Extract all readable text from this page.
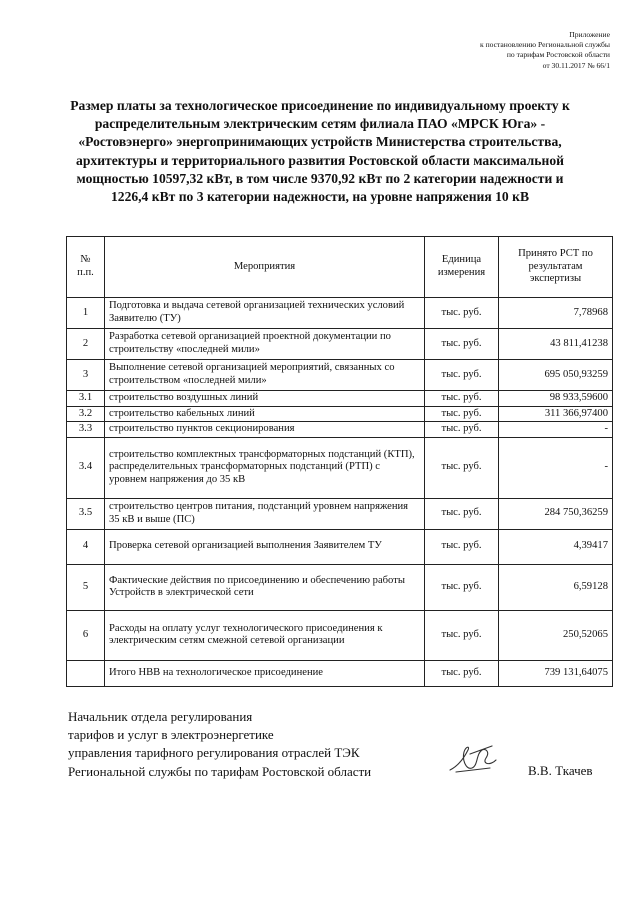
Приложение
к постановлению Региональной службы
по тарифам Ростовской области
от 30.11.2017 № 66/1
Размер платы за технологическое присоединение по индивидуальному проекту к распределительным электрическим сетям филиала ПАО «МРСК Юга» - «Ростовэнерго» энергопринимающих устройств Министерства строительства, архитектуры и территориального развития Ростовской области максимальной мощностью 10597,32 кВт, в том числе 9370,92 кВт по 2 категории надежности и 1226,4 кВт по 3 категории надежности, на уровне напряжения 10 кВ
№ п.п.	Мероприятия	Единица измерения	Принято РСТ по результатам экспертизы
1	Подготовка и выдача сетевой организацией технических условий Заявителю (ТУ)	тыс. руб.	7,78968
2	Разработка сетевой организацией проектной документации по строительству «последней мили»	тыс. руб.	43 811,41238
3	Выполнение сетевой организацией мероприятий, связанных со строительством «последней мили»	тыс. руб.	695 050,93259
3.1	строительство воздушных линий	тыс. руб.	98 933,59600
3.2	строительство кабельных линий	тыс. руб.	311 366,97400
3.3	строительство пунктов секционирования	тыс. руб.	-
3.4	строительство комплектных трансформаторных подстанций (КТП), распределительных трансформаторных подстанций (РТП) с уровнем напряжения до 35 кВ	тыс. руб.	-
3.5	строительство центров питания, подстанций уровнем напряжения 35 кВ и выше (ПС)	тыс. руб.	284 750,36259
4	Проверка сетевой организацией выполнения Заявителем ТУ	тыс. руб.	4,39417
5	Фактические действия по присоединению и обеспечению работы Устройств в электрической сети	тыс. руб.	6,59128
6	Расходы на оплату услуг технологического присоединения к электрическим сетям смежной сетевой организации	тыс. руб.	250,52065
	Итого НВВ на технологическое присоединение	тыс. руб.	739 131,64075
Начальник отдела регулирования
тарифов и услуг в электроэнергетике
управления тарифного регулирования отраслей ТЭК
Региональной службы по тарифам Ростовской области	В.В. Ткачев
